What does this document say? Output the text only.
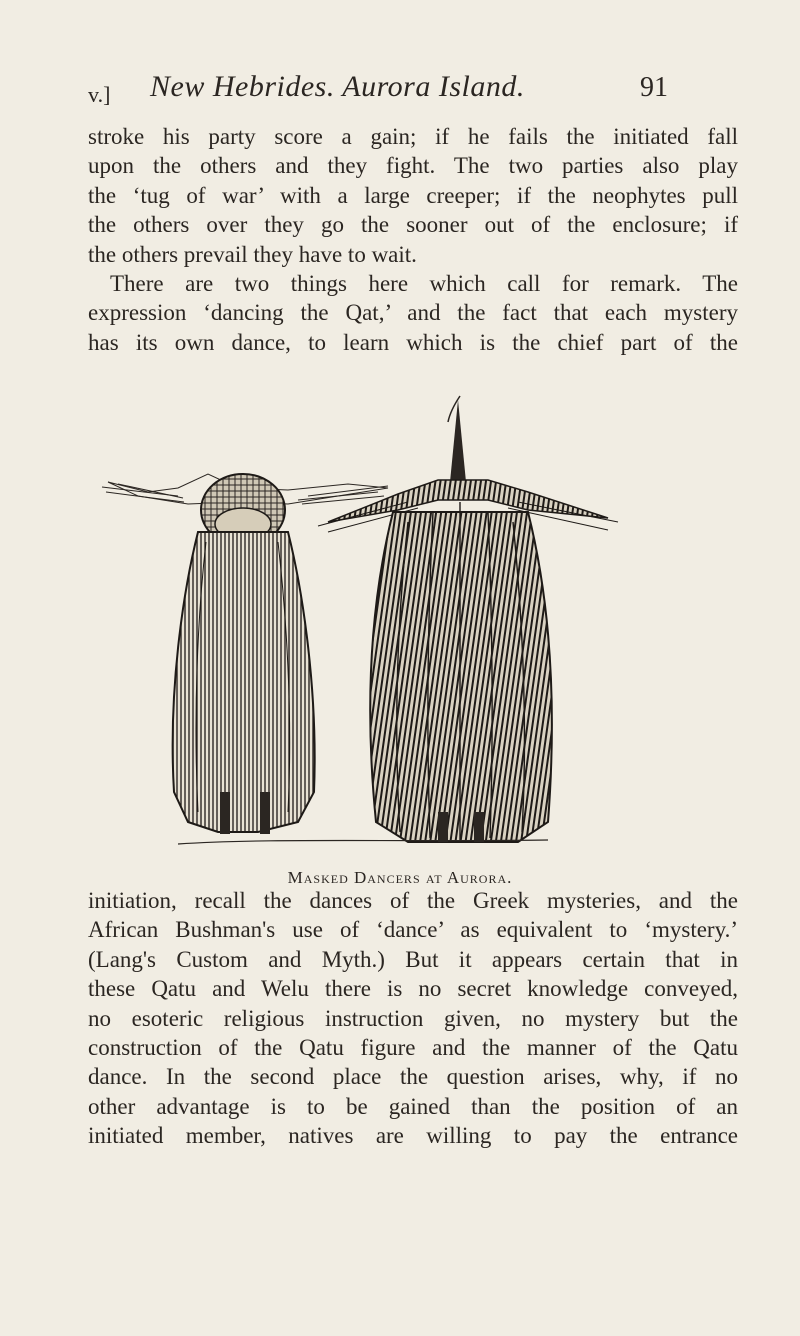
v.] New Hebrides. Aurora Island.	91
stroke his party score a gain; if he fails the initiated fall
upon the others and they fight. The two parties also play
the ‘tug of war’ with a large creeper; if the neophytes pull
the others over they go the sooner out of the enclosure; if
the others prevail they have to wait.
There are two things here which call for remark. The
expression ‘dancing the Qat,’ and the fact that each mystery
has its own dance, to learn which is the chief part of the
Masked Dancers at Aurora.
initiation, recall the dances of the Greek mysteries, and the
African Bushman's use of ‘dance’ as equivalent to ‘mystery.’
(Lang's Custom and Myth.) But it appears certain that in
these Qatu and Welu there is no secret knowledge conveyed,
no esoteric religious instruction given, no mystery but the
construction of the Qatu figure and the manner of the Qatu
dance. In the second place the question arises, why, if no
other advantage is to be gained than the position of an
initiated member, natives are willing to pay the entrance
